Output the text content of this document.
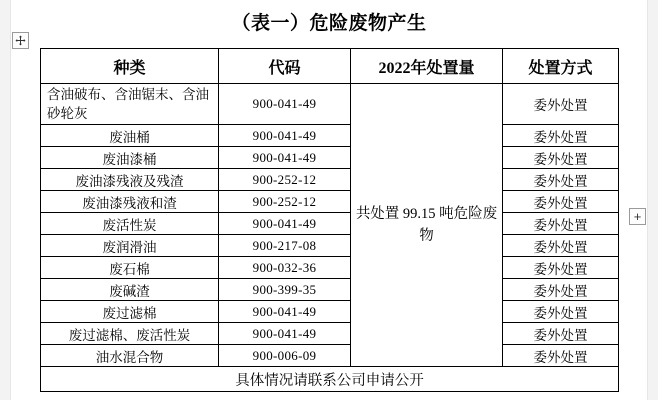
+
（表一）危险废物产生
种类	代码	2022年处置量	处置方式
含油破布、含油锯末、含油砂轮灰	900-041-49	共处置 99.15 吨危险废物	委外处置
废油桶	900-041-49		委外处置
废油漆桶	900-041-49		委外处置
废油漆残液及残渣	900-252-12		委外处置
废油漆残液和渣	900-252-12		委外处置
废活性炭	900-041-49		委外处置
废润滑油	900-217-08		委外处置
废石棉	900-032-36		委外处置
废碱渣	900-399-35		委外处置
废过滤棉	900-041-49		委外处置
废过滤棉、废活性炭	900-041-49		委外处置
油水混合物	900-006-09		委外处置
具体情况请联系公司申请公开			
